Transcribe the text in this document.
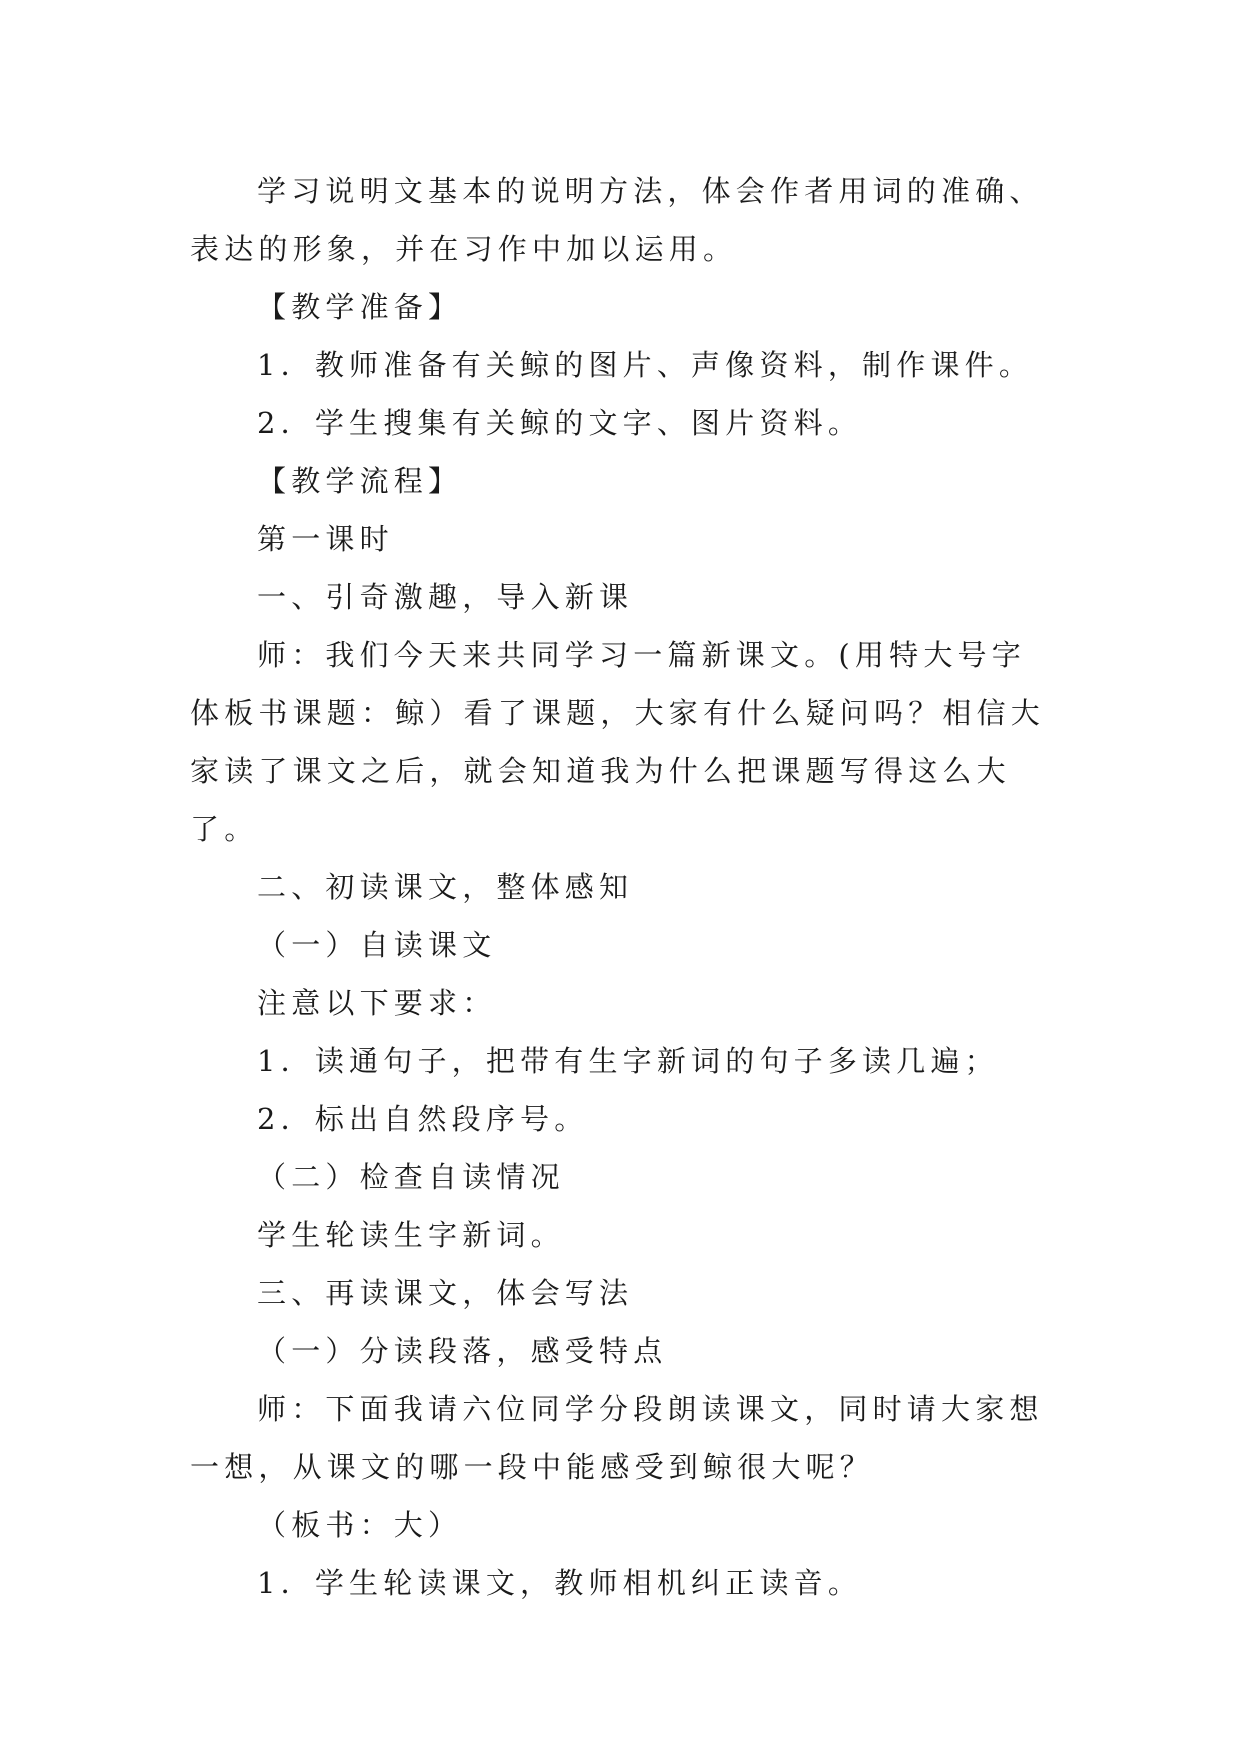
学习说明文基本的说明方法，体会作者用词的准确、表达的形象，并在习作中加以运用。

【教学准备】

1．教师准备有关鲸的图片、声像资料，制作课件。

2．学生搜集有关鲸的文字、图片资料。

【教学流程】

第一课时

一、引奇激趣，导入新课

师：我们今天来共同学习一篇新课文。(用特大号字体板书课题：鲸）看了课题，大家有什么疑问吗？相信大家读了课文之后，就会知道我为什么把课题写得这么大了。

二、初读课文，整体感知

（一）自读课文

注意以下要求：

1．读通句子，把带有生字新词的句子多读几遍；

2．标出自然段序号。

（二）检查自读情况

学生轮读生字新词。

三、再读课文，体会写法

（一）分读段落，感受特点

师：下面我请六位同学分段朗读课文，同时请大家想一想，从课文的哪一段中能感受到鲸很大呢？

（板书：大）

1．学生轮读课文，教师相机纠正读音。
